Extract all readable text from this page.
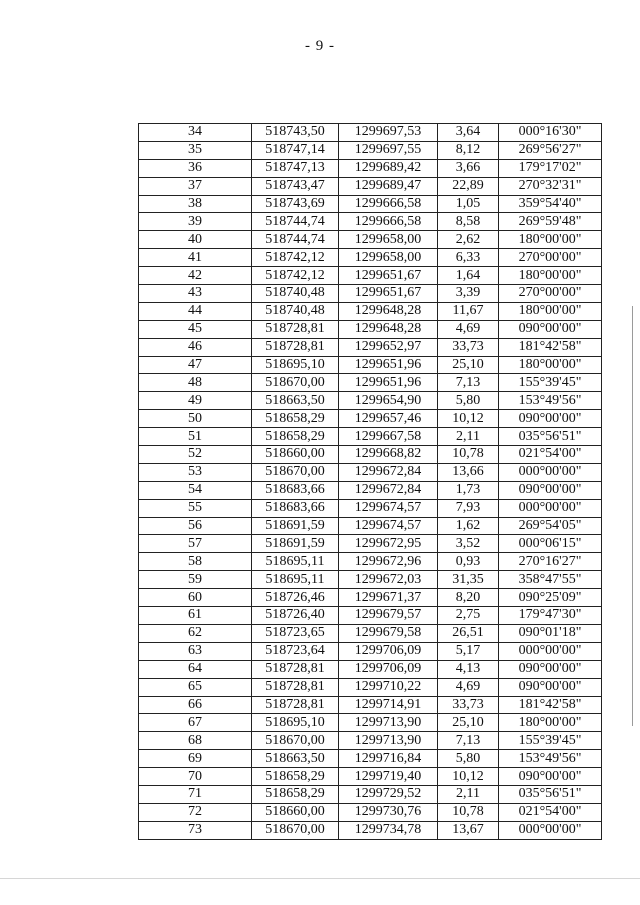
- 9 -
34	518743,50	1299697,53	3,64	000°16'30"
35	518747,14	1299697,55	8,12	269°56'27"
36	518747,13	1299689,42	3,66	179°17'02"
37	518743,47	1299689,47	22,89	270°32'31"
38	518743,69	1299666,58	1,05	359°54'40"
39	518744,74	1299666,58	8,58	269°59'48"
40	518744,74	1299658,00	2,62	180°00'00"
41	518742,12	1299658,00	6,33	270°00'00"
42	518742,12	1299651,67	1,64	180°00'00"
43	518740,48	1299651,67	3,39	270°00'00"
44	518740,48	1299648,28	11,67	180°00'00"
45	518728,81	1299648,28	4,69	090°00'00"
46	518728,81	1299652,97	33,73	181°42'58"
47	518695,10	1299651,96	25,10	180°00'00"
48	518670,00	1299651,96	7,13	155°39'45"
49	518663,50	1299654,90	5,80	153°49'56"
50	518658,29	1299657,46	10,12	090°00'00"
51	518658,29	1299667,58	2,11	035°56'51"
52	518660,00	1299668,82	10,78	021°54'00"
53	518670,00	1299672,84	13,66	000°00'00"
54	518683,66	1299672,84	1,73	090°00'00"
55	518683,66	1299674,57	7,93	000°00'00"
56	518691,59	1299674,57	1,62	269°54'05"
57	518691,59	1299672,95	3,52	000°06'15"
58	518695,11	1299672,96	0,93	270°16'27"
59	518695,11	1299672,03	31,35	358°47'55"
60	518726,46	1299671,37	8,20	090°25'09"
61	518726,40	1299679,57	2,75	179°47'30"
62	518723,65	1299679,58	26,51	090°01'18"
63	518723,64	1299706,09	5,17	000°00'00"
64	518728,81	1299706,09	4,13	090°00'00"
65	518728,81	1299710,22	4,69	090°00'00"
66	518728,81	1299714,91	33,73	181°42'58"
67	518695,10	1299713,90	25,10	180°00'00"
68	518670,00	1299713,90	7,13	155°39'45"
69	518663,50	1299716,84	5,80	153°49'56"
70	518658,29	1299719,40	10,12	090°00'00"
71	518658,29	1299729,52	2,11	035°56'51"
72	518660,00	1299730,76	10,78	021°54'00"
73	518670,00	1299734,78	13,67	000°00'00"
